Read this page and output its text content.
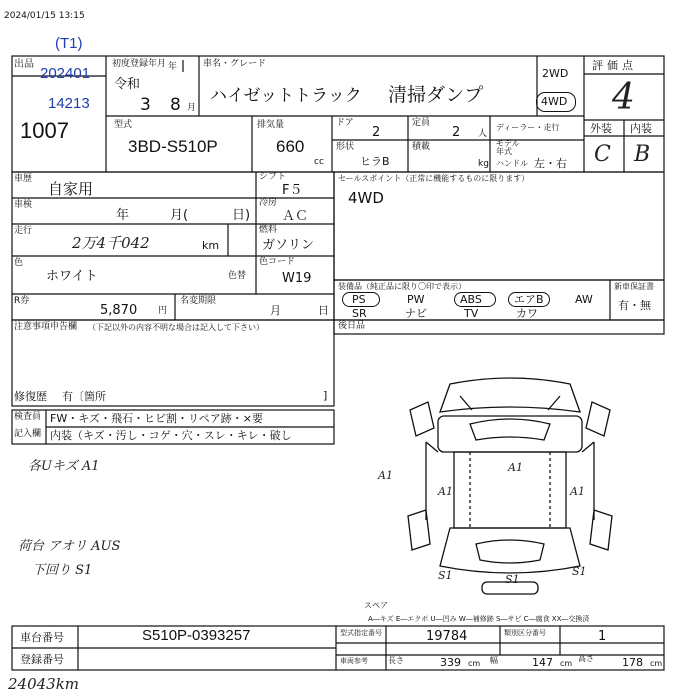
2024/01/15 13:15
(T1)
202401
14213
出品
1007
初度登録年月
令和
年
3 8 月
車名・グレード
ハイゼットトラック 清掃ダンプ
2WD
4WD
評価点
4
外装 内装
C B
型式
3BD-S510P
排気量
660
cc
ドア
2
定員
2 人
ディーラー・走行
モデル
年式
形状
ヒラB
積載
kg ハンドル 左・右
車歴
自家用
車検
年	月(	日)
走行
2万4千042	km
色
ホワイト	色替
シフト
F５
冷房
ＡＣ
燃料
ガソリン
色コード
W19
R券
5,870 円
名変期限
月	日
セールスポイント（正常に機能するものに限ります）
4WD
装備品（純正品に限り〇印で表示）
PS	PW	ABS	エアB	AW
SR	ナビ	TV	カワ
新車保証書
有・無
注意事項申告欄 （下記以外の内容不明な場合は記入して下さい）
修復歴 有〔箇所	]
後日品
検査員
記入欄
FW・キズ・飛石・ヒビ割・リペア跡・×要
内装（キズ・汚し・コゲ・穴・スレ・キレ・破し
各Uキズ A1
荷台 アオリ AUS
下回り S1
A1
A1
A1	A1
S1	S1
S1
スペア
A―キズ E―エクボ U―凹み W―補修跡 S―サビ C―腐食 XX―交換済
車台番号	S510P-0393257
登録番号
型式指定番号	19784	類別区分番号	1
車両参考	長さ	339 cm 幅	147 cm
高さ	178 cm
24043km
